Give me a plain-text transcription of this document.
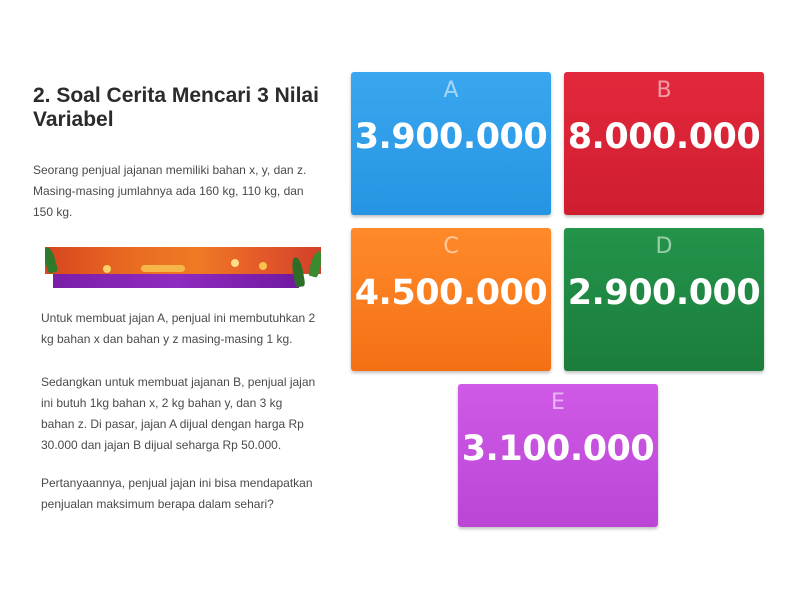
2. Soal Cerita Mencari 3 Nilai Variabel

Seorang penjual jajanan memiliki bahan x, y, dan z. Masing-masing jumlahnya ada 160 kg, 110 kg, dan 150 kg.

Untuk membuat jajan A, penjual ini membutuhkan 2 kg bahan x dan bahan y z masing-masing 1 kg.

Sedangkan untuk membuat jajanan B, penjual jajan ini butuh 1kg bahan x, 2 kg bahan y, dan 3 kg bahan z. Di pasar, jajan A dijual dengan harga Rp 30.000 dan jajan B dijual seharga Rp 50.000.

Pertanyaannya, penjual jajan ini bisa mendapatkan penjualan maksimum berapa dalam sehari?

A
3.900.000
B
8.000.000
C
4.500.000
D
2.900.000
E
3.100.000
